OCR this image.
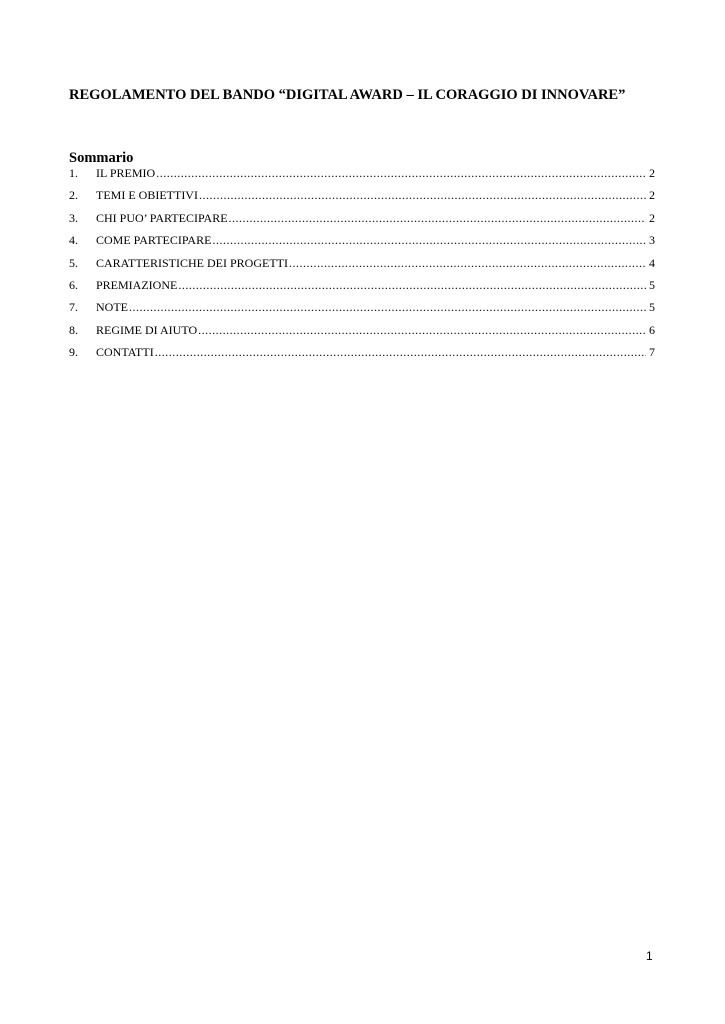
REGOLAMENTO DEL BANDO “DIGITAL AWARD – IL CORAGGIO DI INNOVARE”
Sommario
1.	IL PREMIO .....	2
2.	TEMI E OBIETTIVI .....	2
3.	CHI PUO’ PARTECIPARE .....	2
4.	COME PARTECIPARE .....	3
5.	CARATTERISTICHE DEI PROGETTI .....	4
6.	PREMIAZIONE .....	5
7.	NOTE .....	5
8.	REGIME DI AIUTO .....	6
9.	CONTATTI .....	7
1
